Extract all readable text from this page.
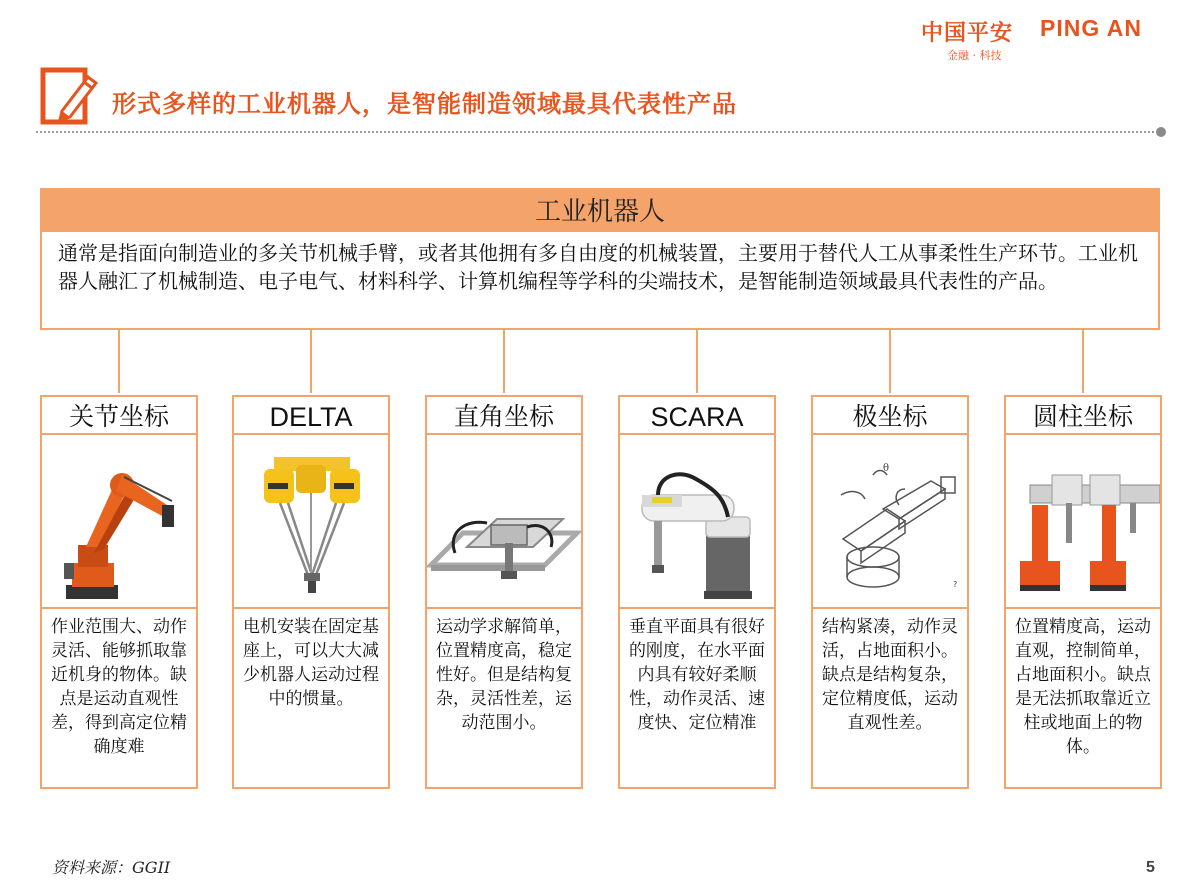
中国平安 PING AN
金融 · 科技
形式多样的工业机器人，是智能制造领域最具代表性产品
工业机器人
通常是指面向制造业的多关节机械手臂，或者其他拥有多自由度的机械装置，主要用于替代人工从事柔性生产环节。工业机器人融汇了机械制造、电子电气、材料科学、计算机编程等学科的尖端技术，是智能制造领域最具代表性的产品。
关节坐标
作业范围大、动作灵活、能够抓取靠近机身的物体。缺点是运动直观性差，得到高定位精确度难
DELTA
电机安装在固定基座上，可以大大减少机器人运动过程中的惯量。
直角坐标
运动学求解简单，位置精度高，稳定性好。但是结构复杂，灵活性差，运动范围小。
SCARA
垂直平面具有很好的刚度，在水平面内具有较好柔顺性，动作灵活、速度快、定位精准
极坐标
θ
?
结构紧凑，动作灵活，占地面积小。缺点是结构复杂，定位精度低，运动直观性差。
圆柱坐标
位置精度高，运动直观，控制简单，占地面积小。缺点是无法抓取靠近立柱或地面上的物体。
资料来源：GGII	5
